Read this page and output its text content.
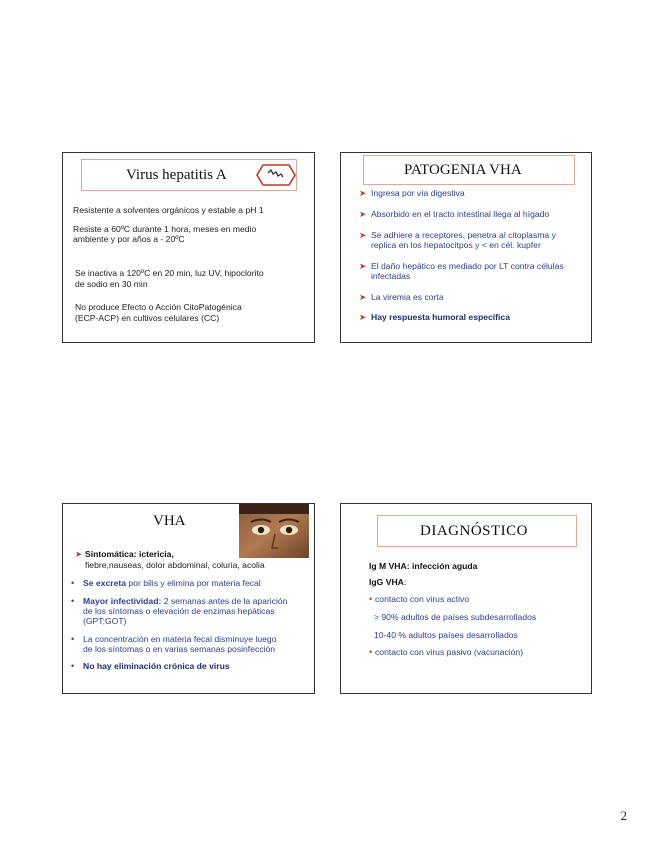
Virus hepatitis A
Resistente a solventes orgánicos y estable a pH 1
Resiste a 60ºC durante 1 hora, meses en medio
ambiente y por años a - 20ºC
Se inactiva a 120ºC en 20 min, luz UV, hipoclorito
de sodio en 30 min
No produce Efecto o Acción CitoPatogénica
(ECP-ACP) en cultivos celulares (CC)
PATOGENIA VHA
➤ Ingresa por vía digestiva
➤ Absorbido en el tracto intestinal llega al hígado
➤ Se adhiere a receptores, penetra al citoplasma y
replica en los hepatocitpos y < en cél. kupfer
➤ El daño hepático es mediado por LT contra células
infectadas
➤ La viremia es corta
➤ Hay respuesta humoral específica
VHA
➤ Sintomática: ictericia,
fiebre,nauseas, dolor abdominal, coluria, acolia
• Se excreta por bilis y elimina por materia fecal
• Mayor infectividad: 2 semanas antes de la aparición
de los síntomas o elevación de enzimas hepáticas
(GPT;GOT)
• La concentración en materia fecal disminuye luego
de los síntomas o en varias semanas posinfección
• No hay eliminación crónica de virus
DIAGNÓSTICO
Ig M VHA: infección aguda
IgG VHA:
• contacto con virus activo
> 90% adultos de países subdesarrollados
10-40 % adultos países desarrollados
• contacto con virus pasivo (vacunación)
2
